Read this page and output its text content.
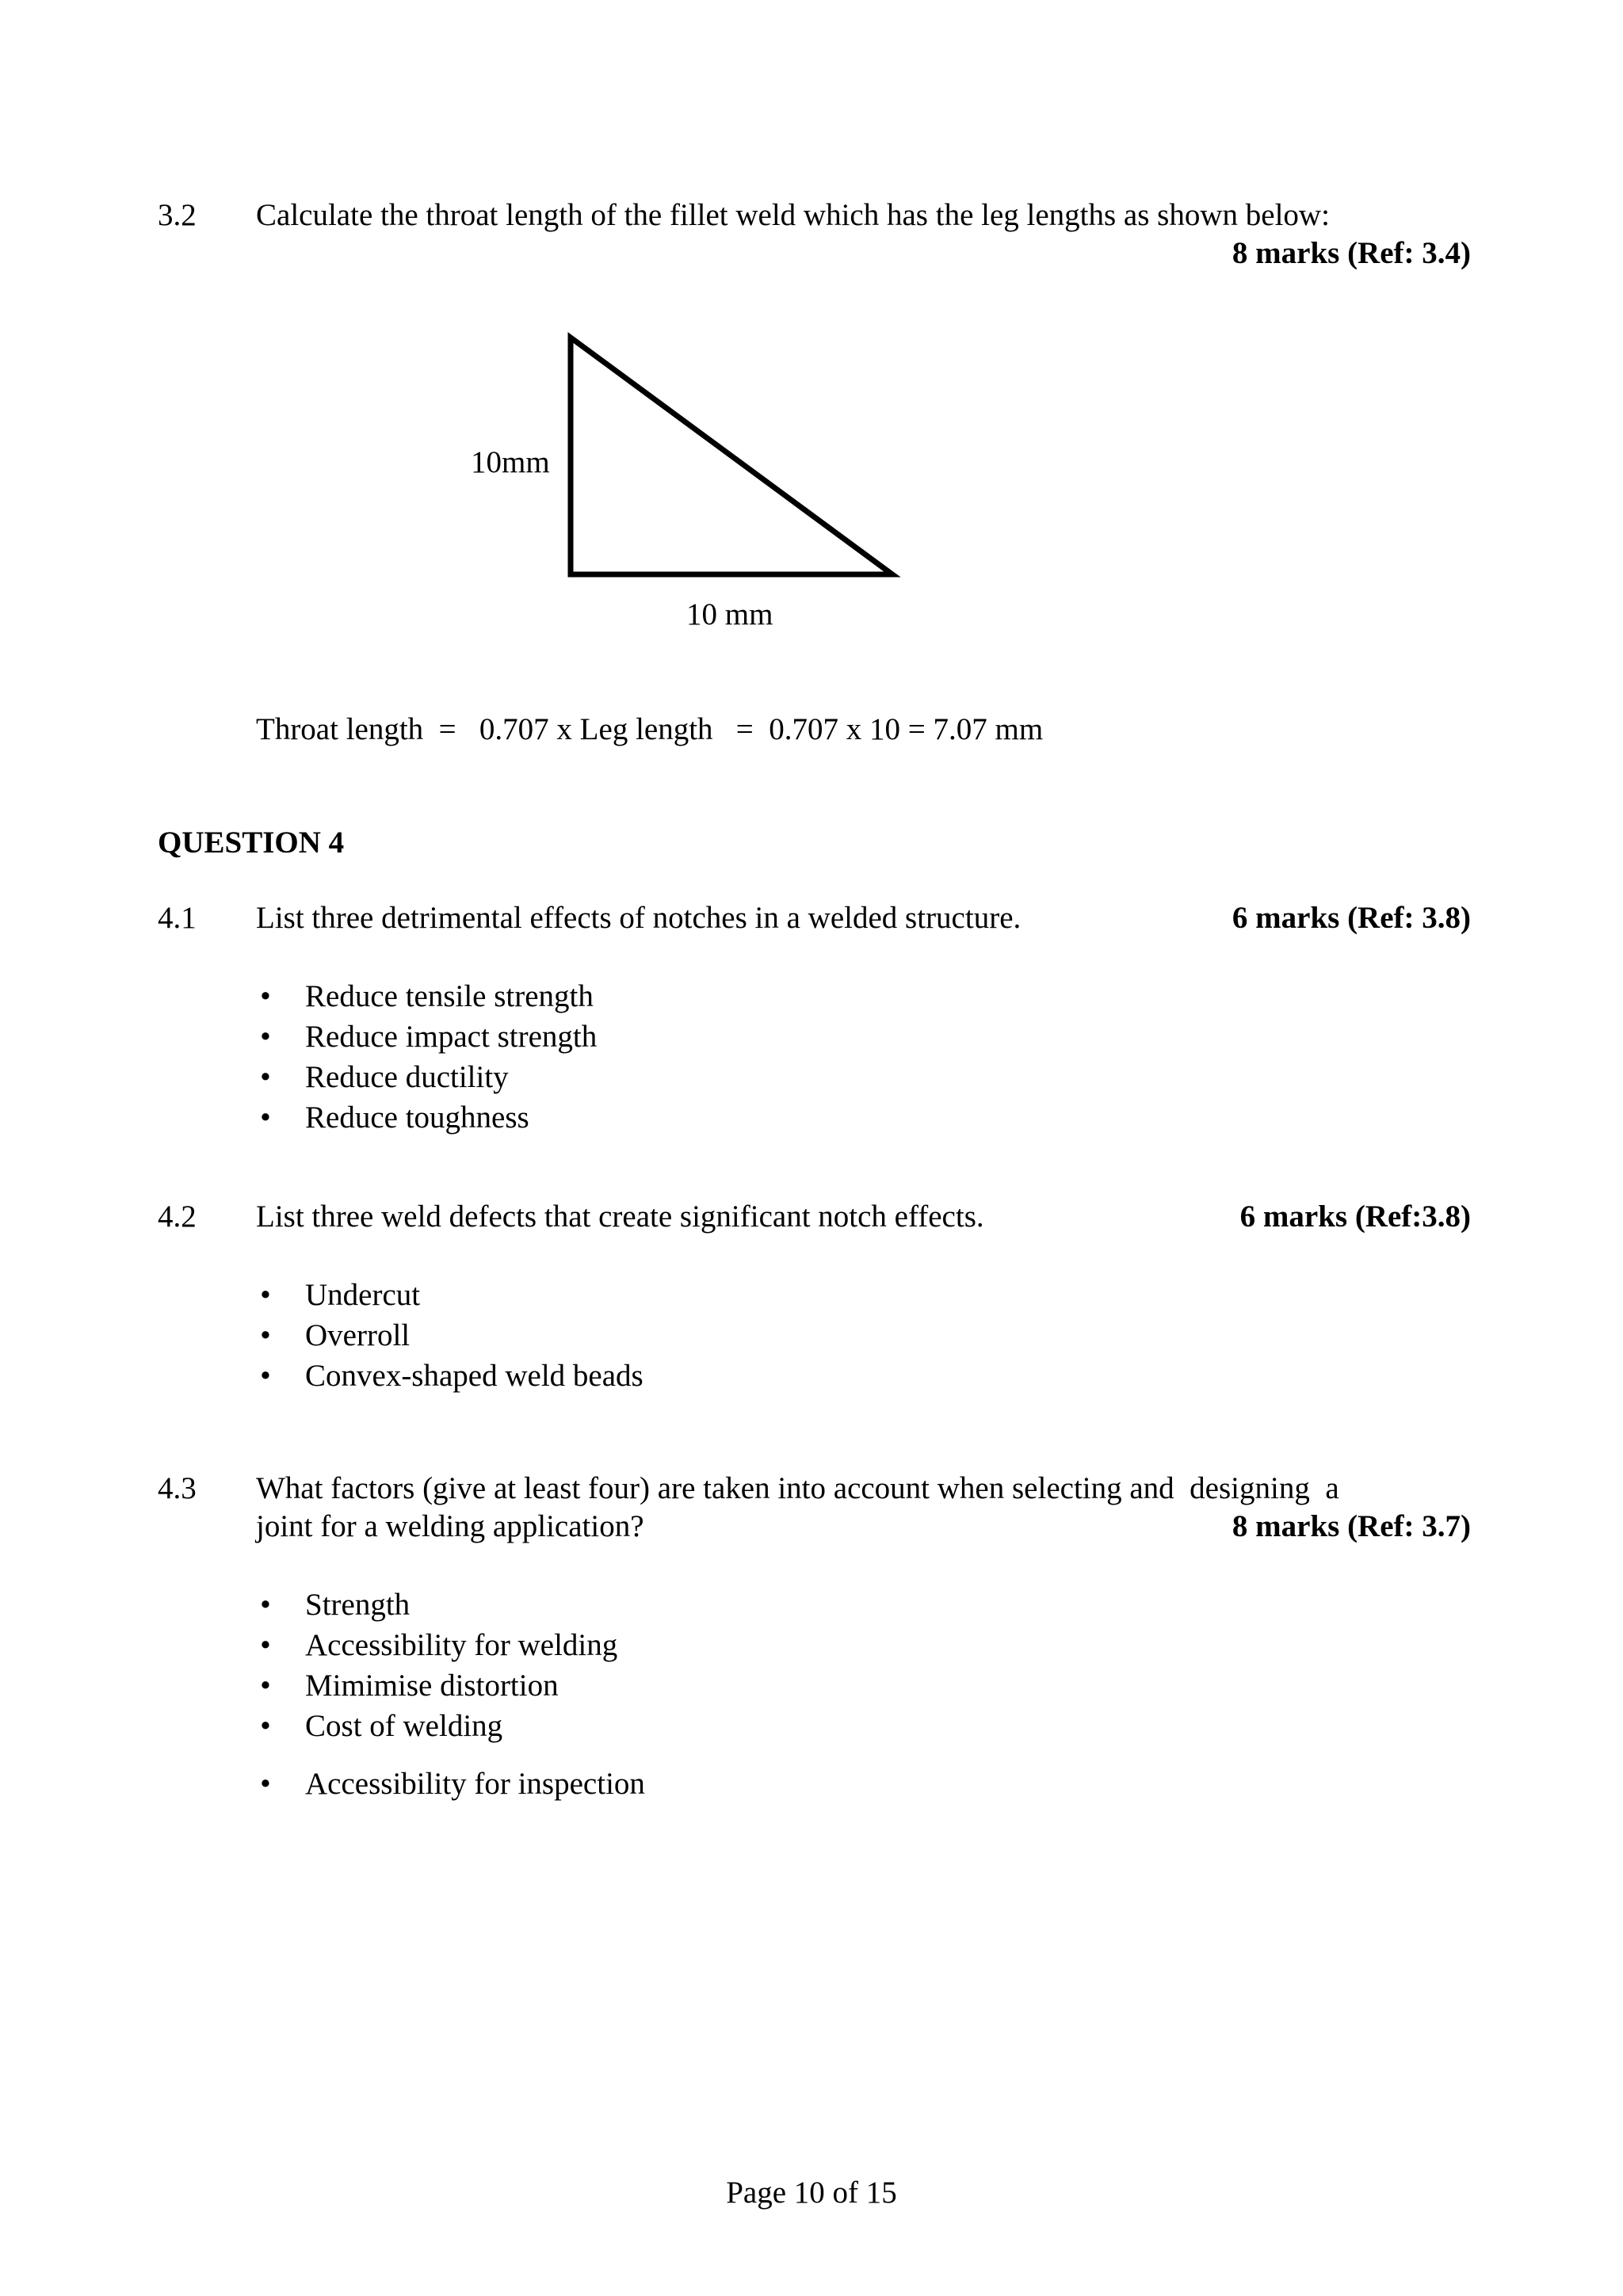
3.2 Calculate the throat length of the fillet weld which has the leg lengths as shown below:
8 marks (Ref: 3.4)
10mm
10 mm
Throat length  =   0.707 x Leg length   =  0.707 x 10 = 7.07 mm
QUESTION 4
4.1 List three detrimental effects of notches in a welded structure.	6 marks (Ref: 3.8)
• Reduce tensile strength
• Reduce impact strength
• Reduce ductility
• Reduce toughness
4.2 List three weld defects that create significant notch effects.	6 marks (Ref:3.8)
• Undercut
• Overroll
• Convex-shaped weld beads
4.3 What factors (give at least four) are taken into account when selecting and  designing  a
joint for a welding application?	8 marks (Ref: 3.7)
• Strength
• Accessibility for welding
• Mimimise distortion
• Cost of welding
• Accessibility for inspection
Page 10 of 15
